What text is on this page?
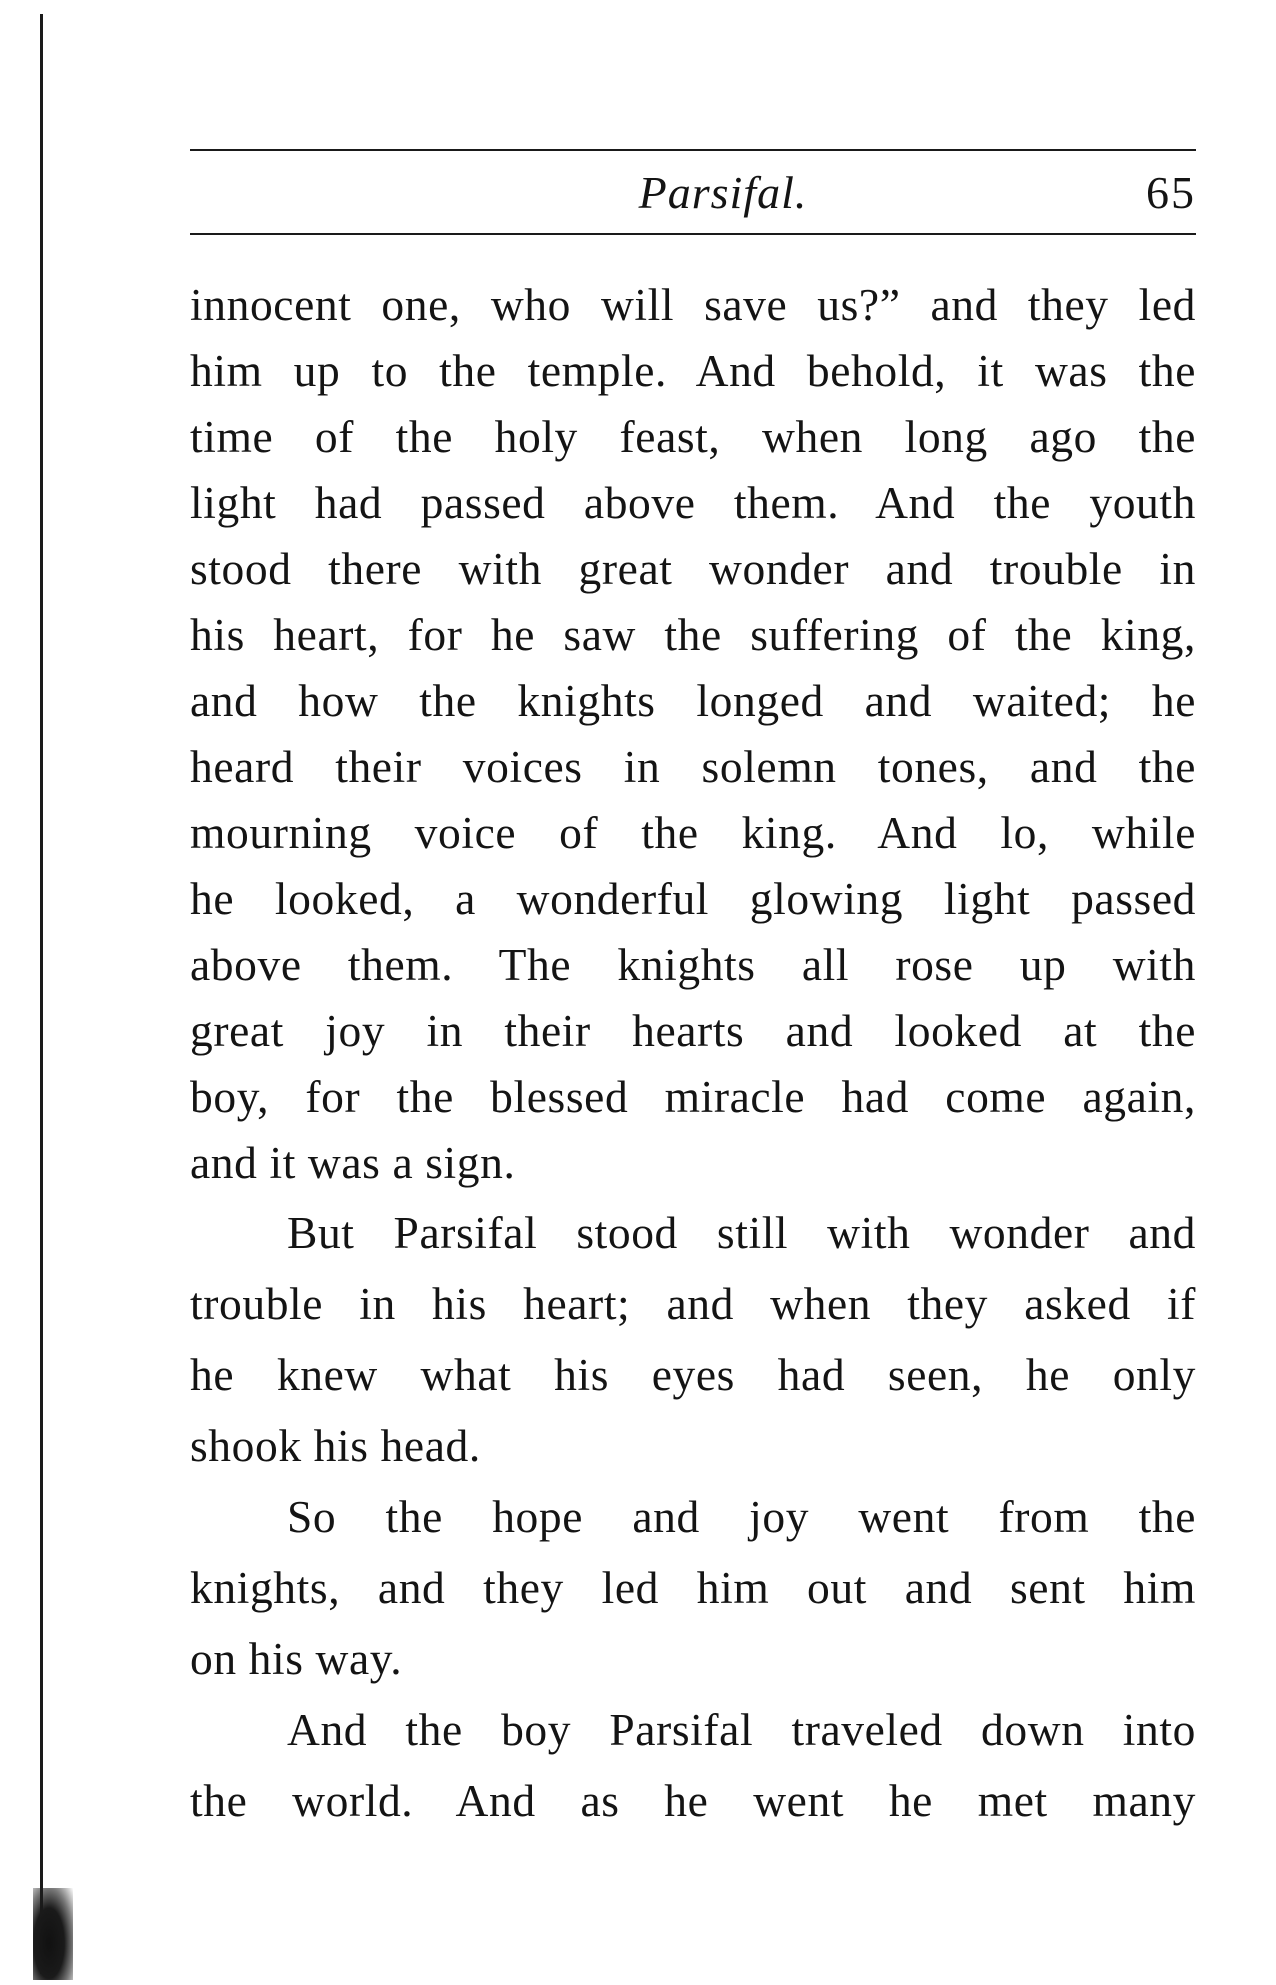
Parsifal.	65
innocent one, who will save us?” and they led
him up to the temple. And behold, it was the
time of the holy feast, when long ago the
light had passed above them. And the youth
stood there with great wonder and trouble in
his heart, for he saw the suffering of the king,
and how the knights longed and waited; he
heard their voices in solemn tones, and the
mourning voice of the king. And lo, while
he looked, a wonderful glowing light passed
above them. The knights all rose up with
great joy in their hearts and looked at the
boy, for the blessed miracle had come again,
and it was a sign.
But Parsifal stood still with wonder and
trouble in his heart; and when they asked if
he knew what his eyes had seen, he only
shook his head.
So the hope and joy went from the
knights, and they led him out and sent him
on his way.
And the boy Parsifal traveled down into
the world. And as he went he met many
